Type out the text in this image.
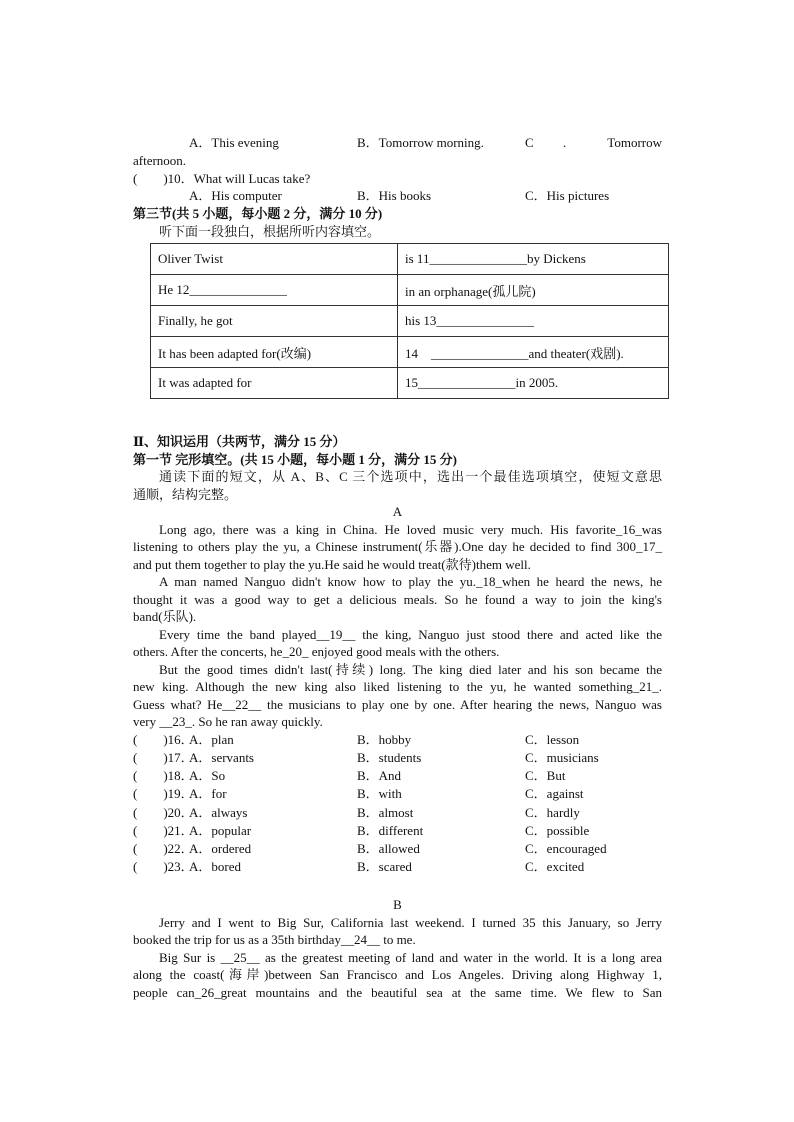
A．This evening	B．Tomorrow morning.	C .	Tomorrow
afternoon.
(　　)10．What will Lucas take?
A．His computer	B．His books	C．His pictures
第三节(共 5 小题，每小题 2 分，满分 10 分)
听下面一段独白，根据所听内容填空。
Oliver Twist	is 11_______________by Dickens
He 12_______________	in an orphanage(孤儿院)
Finally, he got	his 13_______________
It has been adapted for(改编)	14　_______________and theater(戏剧).
It was adapted for	15_______________in 2005.
Ⅱ、知识运用（共两节，满分 15 分）
第一节 完形填空。(共 15 小题，每小题 1 分，满分 15 分)
通读下面的短文，从 A、B、C 三个选项中，选出一个最佳选项填空，使短文意思
通顺，结构完整。
A
Long ago, there was a king in China. He loved music very much. His favorite_16_was
listening to others play the yu, a Chinese instrument(乐器).One day he decided to find 300_17_
and put them together to play the yu.He said he would treat(款待)them well.
A man named Nanguo didn't know how to play the yu._18_when he heard the news, he
thought it was a good way to get a delicious meals. So he found a way to join the king's
band(乐队).
Every time the band played__19__ the king, Nanguo just stood there and acted like the
others. After the concerts, he_20_ enjoyed good meals with the others.
But the good times didn't last(持续) long. The king died later and his son became the
new king. Although the new king also liked listening to the yu, he wanted something_21_.
Guess what? He__22__ the musicians to play one by one. After hearing the news, Nanguo was
very __23_. So he ran away quickly.
(　　)16．
A．plan	B．hobby	C．lesson
(　　)17．
A．servants	B．students	C．musicians
(　　)18．
A．So	B．And	C．But
(　　)19．
A．for	B．with	C．against
(　　)20．
A．always	B．almost	C．hardly
(　　)21．
A．popular	B．different	C．possible
(　　)22．
A．ordered	B．allowed	C．encouraged
(　　)23．
A．bored	B．scared	C．excited
B
Jerry and I went to Big Sur, California last weekend. I turned 35 this January, so Jerry
booked the trip for us as a 35th birthday__24__ to me.
Big Sur is __25__ as the greatest meeting of land and water in the world. It is a long area
along the coast(海岸)between San Francisco and Los Angeles. Driving along Highway 1,
people can_26_great mountains and the beautiful sea at the same time. We flew to San
